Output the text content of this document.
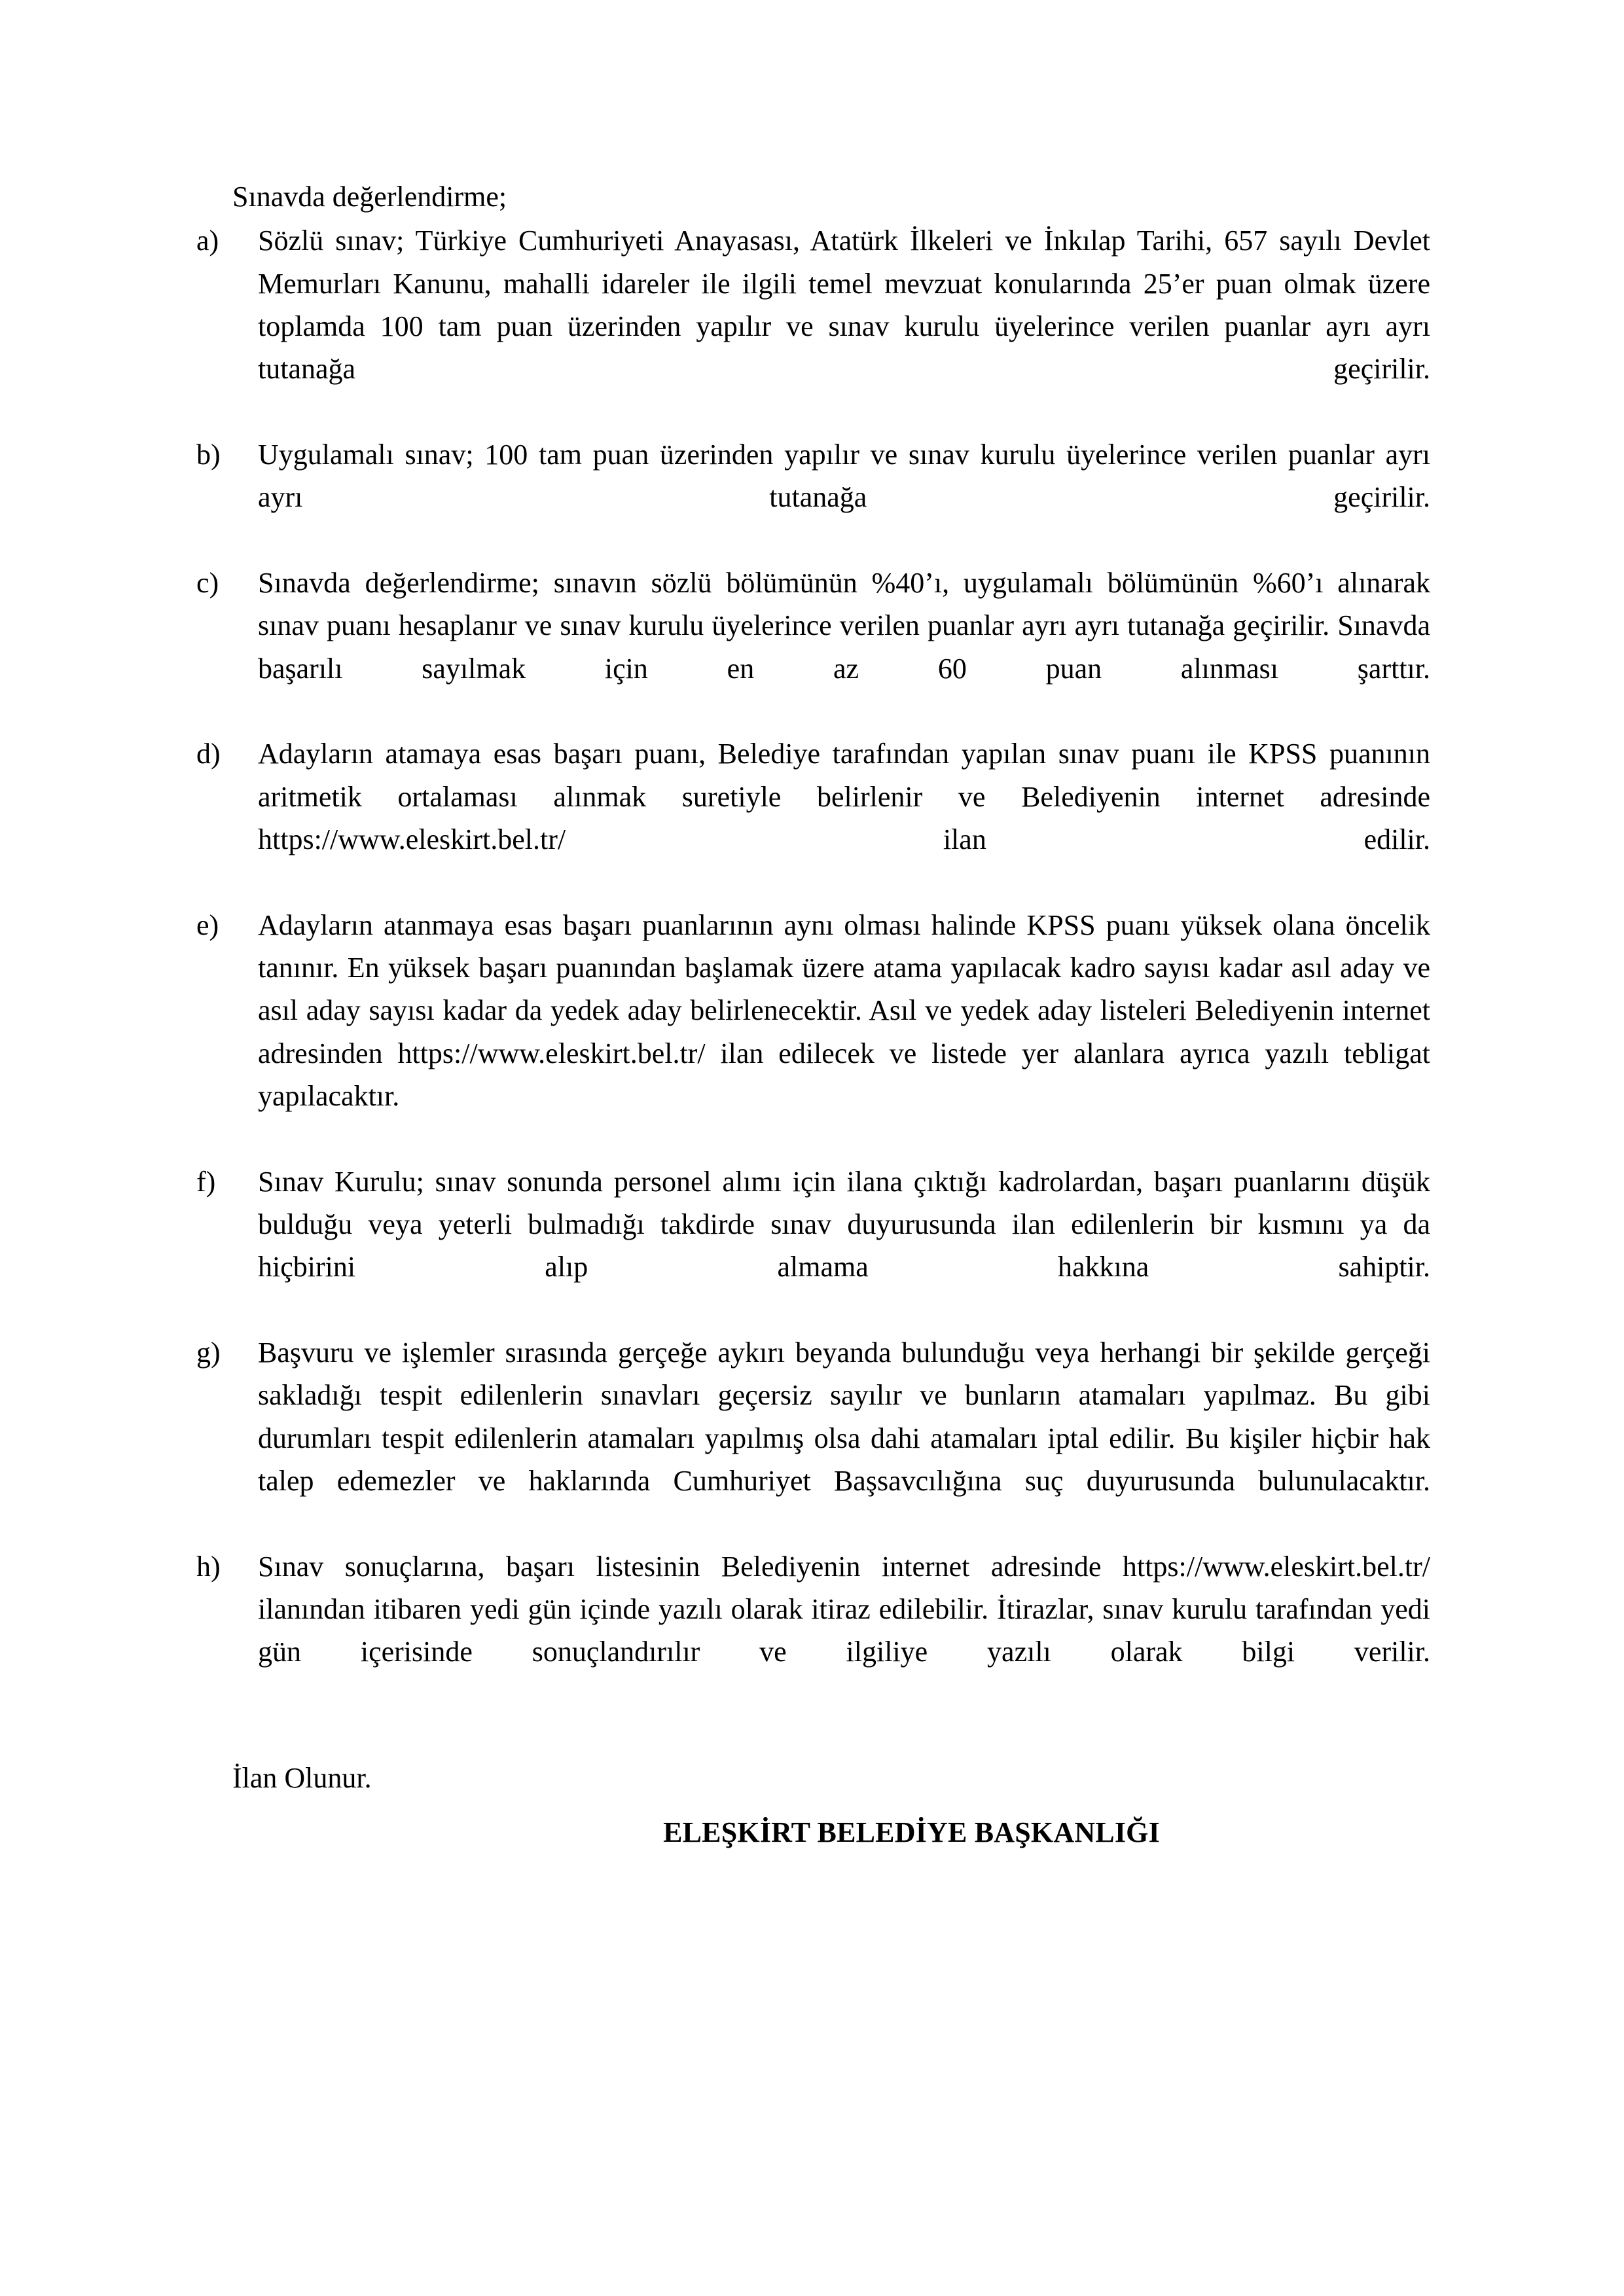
Sınavda değerlendirme;

a)	Sözlü sınav; Türkiye Cumhuriyeti Anayasası, Atatürk İlkeleri ve İnkılap Tarihi, 657 sayılı Devlet Memurları Kanunu, mahalli idareler ile ilgili temel mevzuat konularında 25’er puan olmak üzere toplamda 100 tam puan üzerinden yapılır ve sınav kurulu üyelerince verilen puanlar ayrı ayrı tutanağa geçirilir.
b)	Uygulamalı sınav; 100 tam puan üzerinden yapılır ve sınav kurulu üyelerince verilen puanlar ayrı ayrı tutanağa geçirilir.
c)	Sınavda değerlendirme; sınavın sözlü bölümünün %40’ı, uygulamalı bölümünün %60’ı alınarak sınav puanı hesaplanır ve sınav kurulu üyelerince verilen puanlar ayrı ayrı tutanağa geçirilir. Sınavda başarılı sayılmak için en az 60 puan alınması şarttır.
d)	Adayların atamaya esas başarı puanı, Belediye tarafından yapılan sınav puanı ile KPSS puanının aritmetik ortalaması alınmak suretiyle belirlenir ve Belediyenin internet adresinde https://www.eleskirt.bel.tr/ ilan edilir.
e)	Adayların atanmaya esas başarı puanlarının aynı olması halinde KPSS puanı yüksek olana öncelik tanınır. En yüksek başarı puanından başlamak üzere atama yapılacak kadro sayısı kadar asıl aday ve asıl aday sayısı kadar da yedek aday belirlenecektir. Asıl ve yedek aday listeleri Belediyenin internet adresinden https://www.eleskirt.bel.tr/ ilan edilecek ve listede yer alanlara ayrıca yazılı tebligat yapılacaktır.
f)	Sınav Kurulu; sınav sonunda personel alımı için ilana çıktığı kadrolardan, başarı puanlarını düşük bulduğu veya yeterli bulmadığı takdirde sınav duyurusunda ilan edilenlerin bir kısmını ya da hiçbirini alıp almama hakkına sahiptir.
g)	Başvuru ve işlemler sırasında gerçeğe aykırı beyanda bulunduğu veya herhangi bir şekilde gerçeği sakladığı tespit edilenlerin sınavları geçersiz sayılır ve bunların atamaları yapılmaz. Bu gibi durumları tespit edilenlerin atamaları yapılmış olsa dahi atamaları iptal edilir. Bu kişiler hiçbir hak talep edemezler ve haklarında Cumhuriyet Başsavcılığına suç duyurusunda bulunulacaktır.
h)	Sınav sonuçlarına, başarı listesinin Belediyenin internet adresinde https://www.eleskirt.bel.tr/ ilanından itibaren yedi gün içinde yazılı olarak itiraz edilebilir. İtirazlar, sınav kurulu tarafından yedi gün içerisinde sonuçlandırılır ve ilgiliye yazılı olarak bilgi verilir.

İlan Olunur.

ELEŞKİRT BELEDİYE BAŞKANLIĞI
